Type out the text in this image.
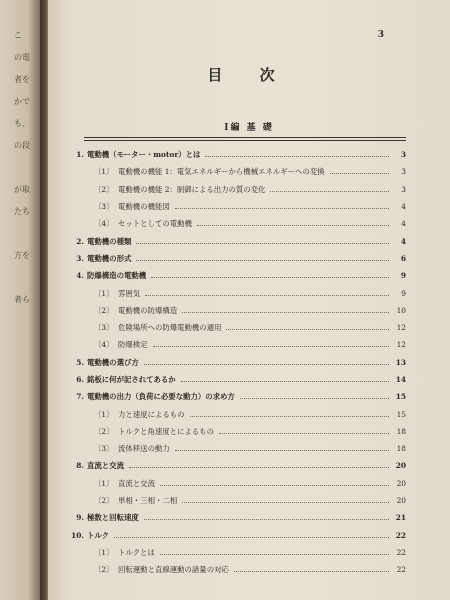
こ
の電
者を
かで
も、
の段
が取
たち
方を
者ら
3
目 次
I編 基 礎
1. 電動機（モーター・motor）とは	3
〔1〕 電動機の機能 1：電気エネルギーから機械エネルギーへの変換	3
〔2〕 電動機の機能 2：制御による出力の質の変化	3
〔3〕 電動機の機能図	4
〔4〕 セットとしての電動機	4
2. 電動機の種類	4
3. 電動機の形式	6
4. 防爆構造の電動機	9
〔1〕 雰囲気	9
〔2〕 電動機の防爆構造	10
〔3〕 危険場所への防爆電動機の適用	12
〔4〕 防爆検定	12
5. 電動機の選び方	13
6. 銘板に何が記されてあるか	14
7. 電動機の出力（負荷に必要な動力）の求め方	15
〔1〕 力と速度によるもの	15
〔2〕 トルクと角速度とによるもの	18
〔3〕 流体移送の動力	18
8. 直流と交流	20
〔1〕 直流と交流	20
〔2〕 単相・三相・二相	20
9. 極数と回転速度	21
10. トルク	22
〔1〕 トルクとは	22
〔2〕 回転運動と直線運動の諸量の対応	22
